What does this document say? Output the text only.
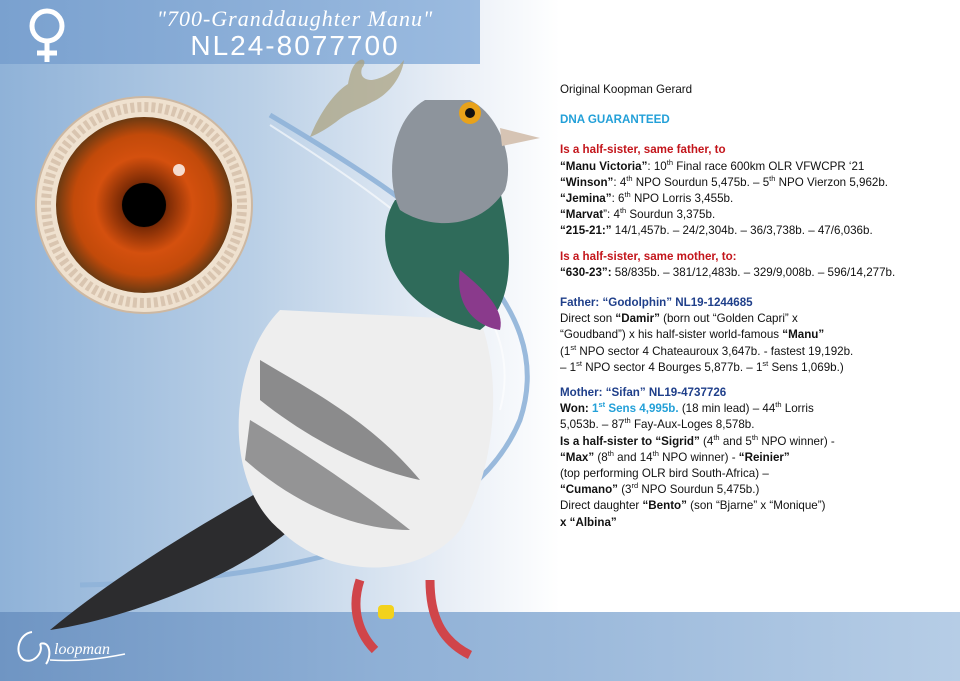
"700-Granddaughter Manu"
NL24-8077700

Original Koopman Gerard

DNA GUARANTEED

Is a half-sister, same father, to

“Manu Victoria”: 10th Final race 600km OLR VFWCPR ‘21

“Winson”: 4th NPO Sourdun 5,475b. – 5th NPO Vierzon 5,962b.

“Jemina”: 6th NPO Lorris 3,455b.

“Marvat”: 4th Sourdun 3,375b.

“215-21:” 14/1,457b. – 24/2,304b. – 36/3,738b. – 47/6,036b.

Is a half-sister, same mother, to:

“630-23”: 58/835b. – 381/12,483b. – 329/9,008b. – 596/14,277b.

Father: “Godolphin” NL19-1244685

Direct son “Damir” (born out “Golden Capri” x

“Goudband”) x his half-sister world-famous “Manu”

(1st NPO sector 4 Chateauroux 3,647b. - fastest 19,192b.

– 1st NPO sector 4 Bourges 5,877b. – 1st Sens 1,069b.)

Mother: “Sifan” NL19-4737726

Won: 1st Sens 4,995b. (18 min lead) – 44th Lorris

5,053b. – 87th Fay-Aux-Loges 8,578b.

Is a half-sister to “Sigrid” (4th and 5th NPO winner) -

“Max” (8th and 14th NPO winner) - “Reinier”

(top performing OLR bird South-Africa) –

“Cumano” (3rd NPO Sourdun 5,475b.)

Direct daughter “Bento” (son “Bjarne” x “Monique”)

x “Albina”

loopman
